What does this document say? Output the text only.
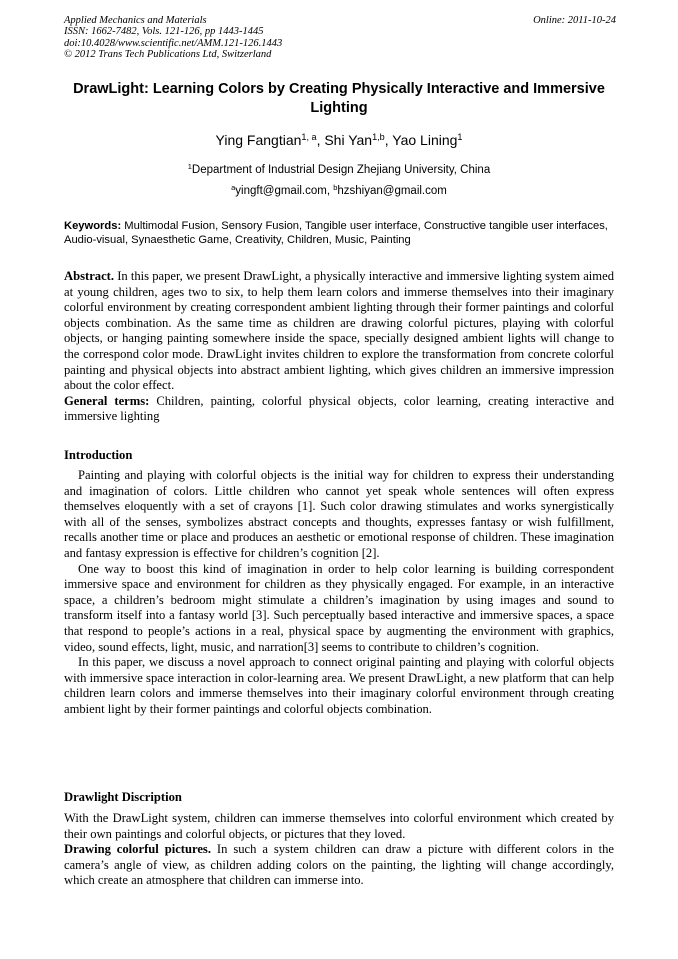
Applied Mechanics and Materials
ISSN: 1662-7482, Vols. 121-126, pp 1443-1445
doi:10.4028/www.scientific.net/AMM.121-126.1443
© 2012 Trans Tech Publications Ltd, Switzerland
Online: 2011-10-24
DrawLight: Learning Colors by Creating Physically Interactive and Immersive Lighting
Ying Fangtian$^{1, a}$, Shi Yan$^{1,b}$, Yao Lining$^1$
$^1$Department of Industrial Design Zhejiang University, China
$^a$yingft@gmail.com, $^b$hzshiyan@gmail.com
Keywords: Multimodal Fusion, Sensory Fusion, Tangible user interface, Constructive tangible user interfaces, Audio-visual, Synaesthetic Game, Creativity, Children, Music, Painting

Abstract. In this paper, we present DrawLight, a physically interactive and immersive lighting system aimed at young children, ages two to six, to help them learn colors and immerse themselves into their imaginary colorful environment by creating correspondent ambient lighting through their former paintings and colorful objects combination. As the same time as children are drawing colorful pictures, playing with colorful objects, or hanging painting somewhere inside the space, specially designed ambient lights will change to the correspond color mode. DrawLight invites children to explore the transformation from concrete colorful painting and physical objects into abstract ambient lighting, which gives children an immersive impression about the color effect.

General terms: Children, painting, colorful physical objects, color learning, creating interactive and immersive lighting

Introduction

Painting and playing with colorful objects is the initial way for children to express their understanding and imagination of colors. Little children who cannot yet speak whole sentences will often express themselves eloquently with a set of crayons [1]. Such color drawing stimulates and works synergistically with all of the senses, symbolizes abstract concepts and thoughts, expresses fantasy or wish fulfillment, recalls another time or place and produces an aesthetic or emotional response of children. These imagination and fantasy expression is effective for children’s cognition [2].

One way to boost this kind of imagination in order to help color learning is building correspondent immersive space and environment for children as they physically engaged. For example, in an interactive space, a children’s bedroom might stimulate a children’s imagination by using images and sound to transform itself into a fantasy world [3]. Such perceptually based interactive and immersive spaces, a space that respond to people’s actions in a real, physical space by augmenting the environment with graphics, video, sound effects, light, music, and narration[3] seems to contribute to children’s cognition.

In this paper, we discuss a novel approach to connect original painting and playing with colorful objects with immersive space interaction in color-learning area. We present DrawLight, a new platform that can help children learn colors and immerse themselves into their imaginary colorful environment through creating ambient light by their former paintings and colorful objects combination.

Drawlight Discription

With the DrawLight system, children can immerse themselves into colorful environment which created by their own paintings and colorful objects, or pictures that they loved.

Drawing colorful pictures. In such a system children can draw a picture with different colors in the camera’s angle of view, as children adding colors on the painting, the lighting will change accordingly, which create an atmosphere that children can immerse into.
